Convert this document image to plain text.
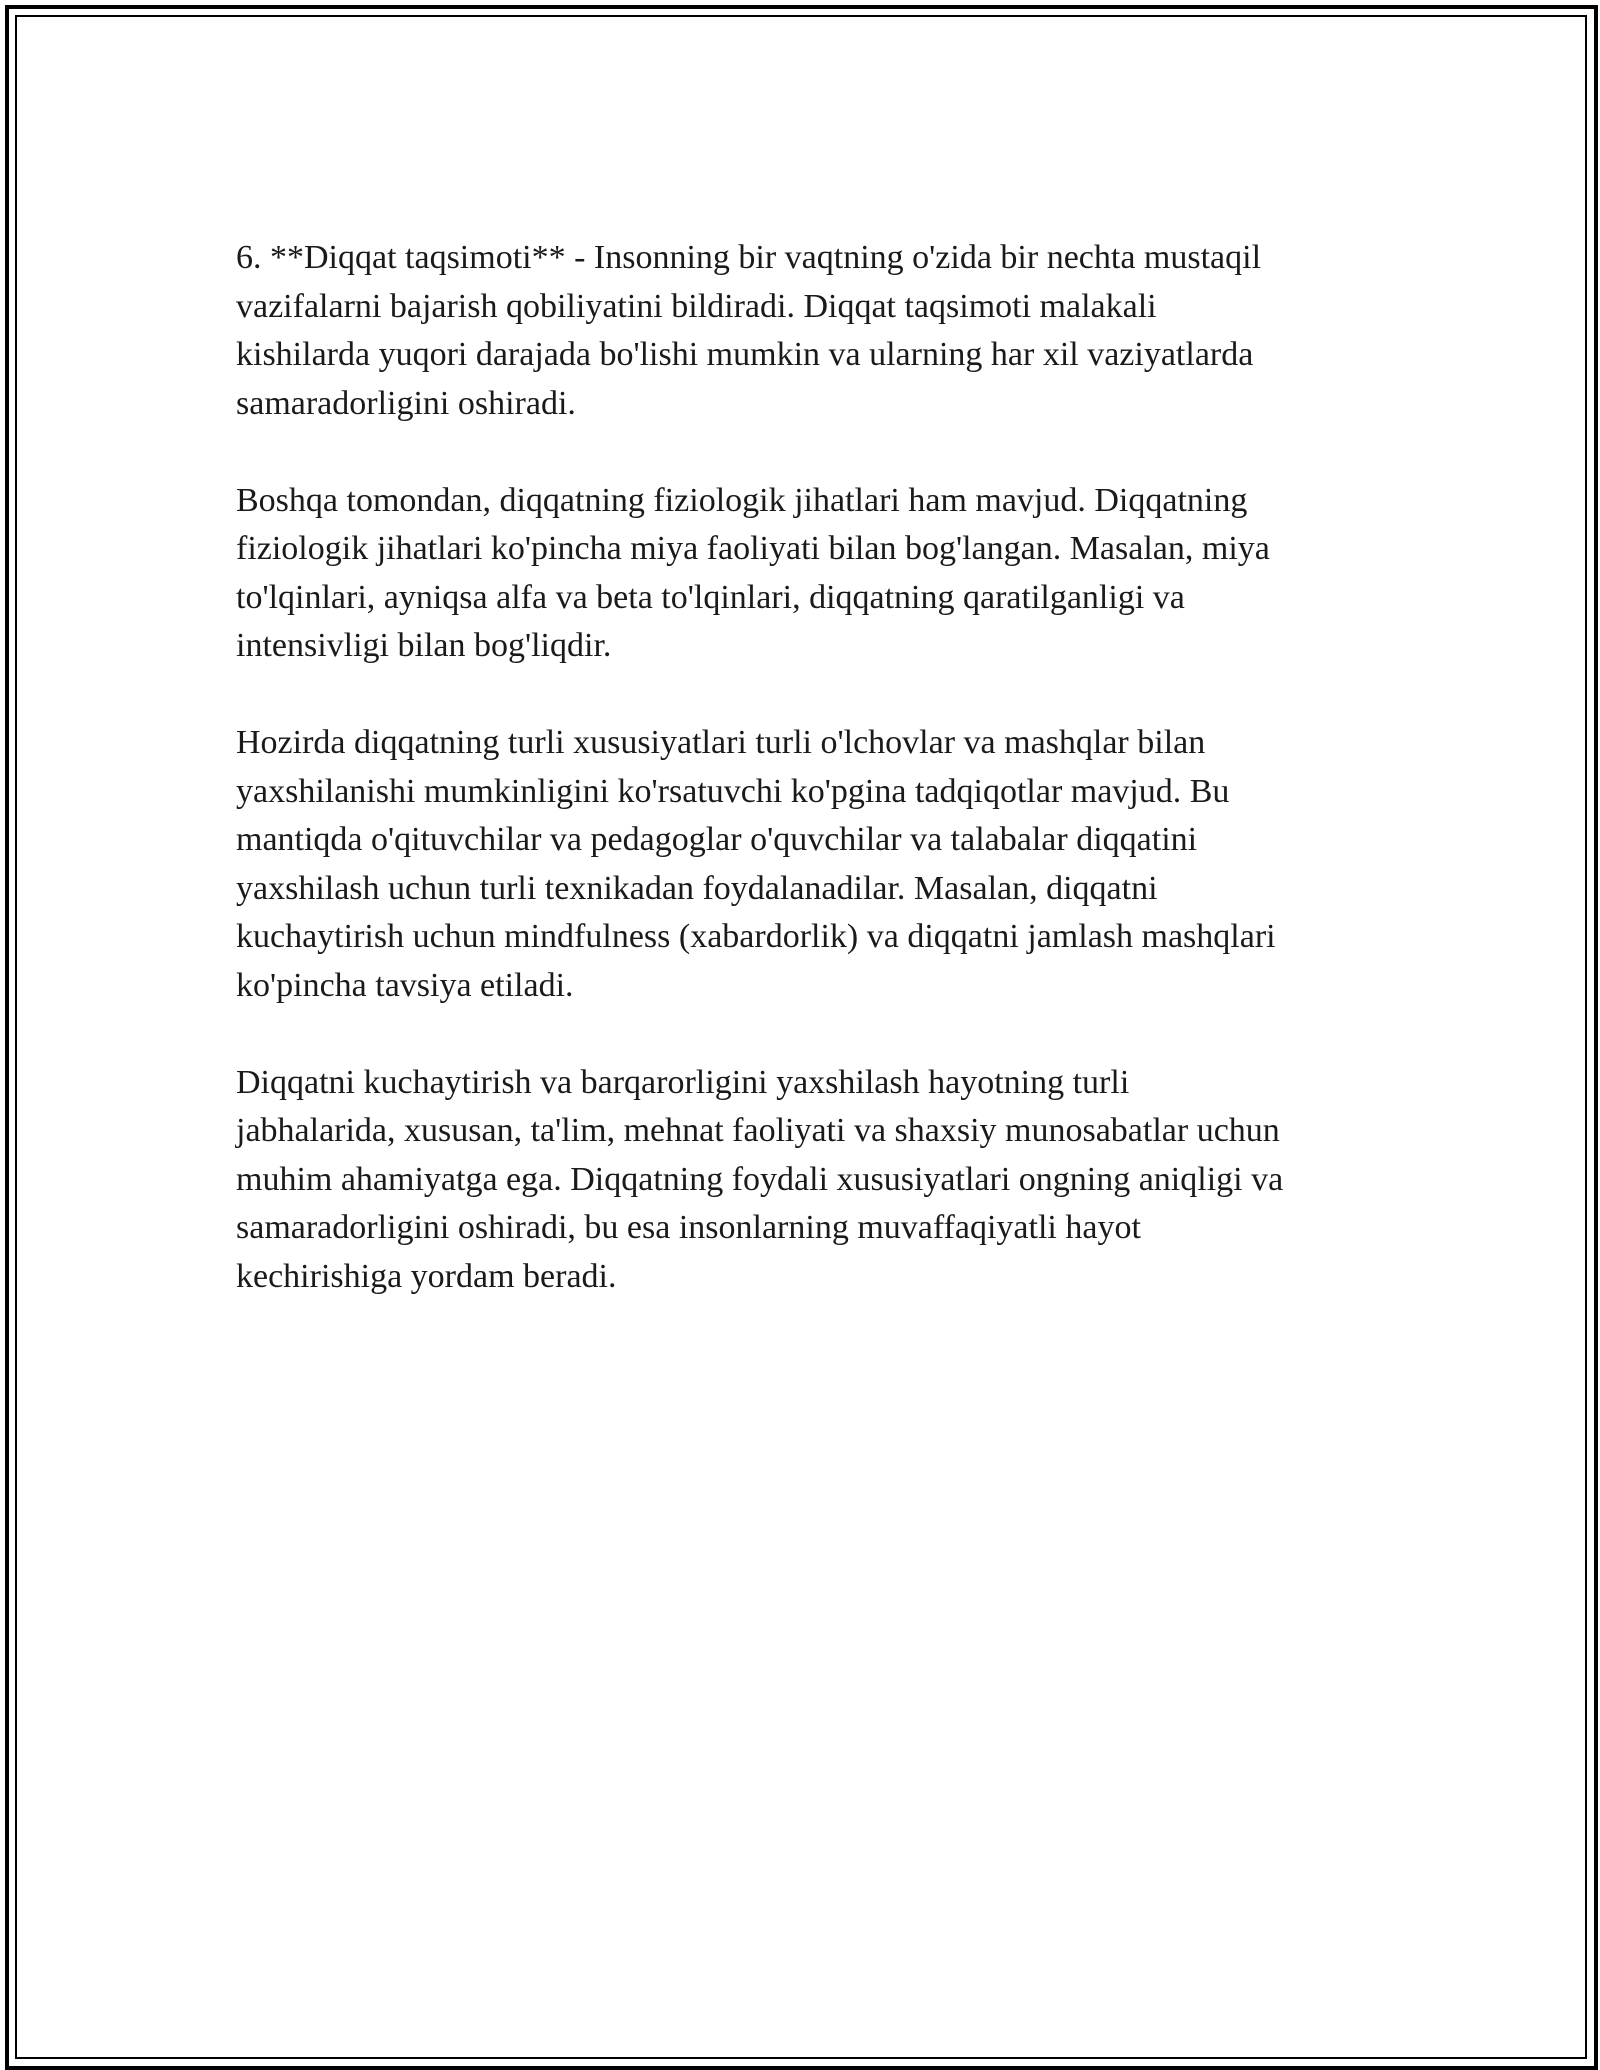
6. **Diqqat taqsimoti** - Insonning bir vaqtning o'zida bir nechta mustaqil
vazifalarni bajarish qobiliyatini bildiradi. Diqqat taqsimoti malakali
kishilarda yuqori darajada bo'lishi mumkin va ularning har xil vaziyatlarda
samaradorligini oshiradi.

Boshqa tomondan, diqqatning fiziologik jihatlari ham mavjud. Diqqatning
fiziologik jihatlari ko'pincha miya faoliyati bilan bog'langan. Masalan, miya
to'lqinlari, ayniqsa alfa va beta to'lqinlari, diqqatning qaratilganligi va
intensivligi bilan bog'liqdir.

Hozirda diqqatning turli xususiyatlari turli o'lchovlar va mashqlar bilan
yaxshilanishi mumkinligini ko'rsatuvchi ko'pgina tadqiqotlar mavjud. Bu
mantiqda o'qituvchilar va pedagoglar o'quvchilar va talabalar diqqatini
yaxshilash uchun turli texnikadan foydalanadilar. Masalan, diqqatni
kuchaytirish uchun mindfulness (xabardorlik) va diqqatni jamlash mashqlari
ko'pincha tavsiya etiladi.

Diqqatni kuchaytirish va barqarorligini yaxshilash hayotning turli
jabhalarida, xususan, ta'lim, mehnat faoliyati va shaxsiy munosabatlar uchun
muhim ahamiyatga ega. Diqqatning foydali xususiyatlari ongning aniqligi va
samaradorligini oshiradi, bu esa insonlarning muvaffaqiyatli hayot
kechirishiga yordam beradi.
